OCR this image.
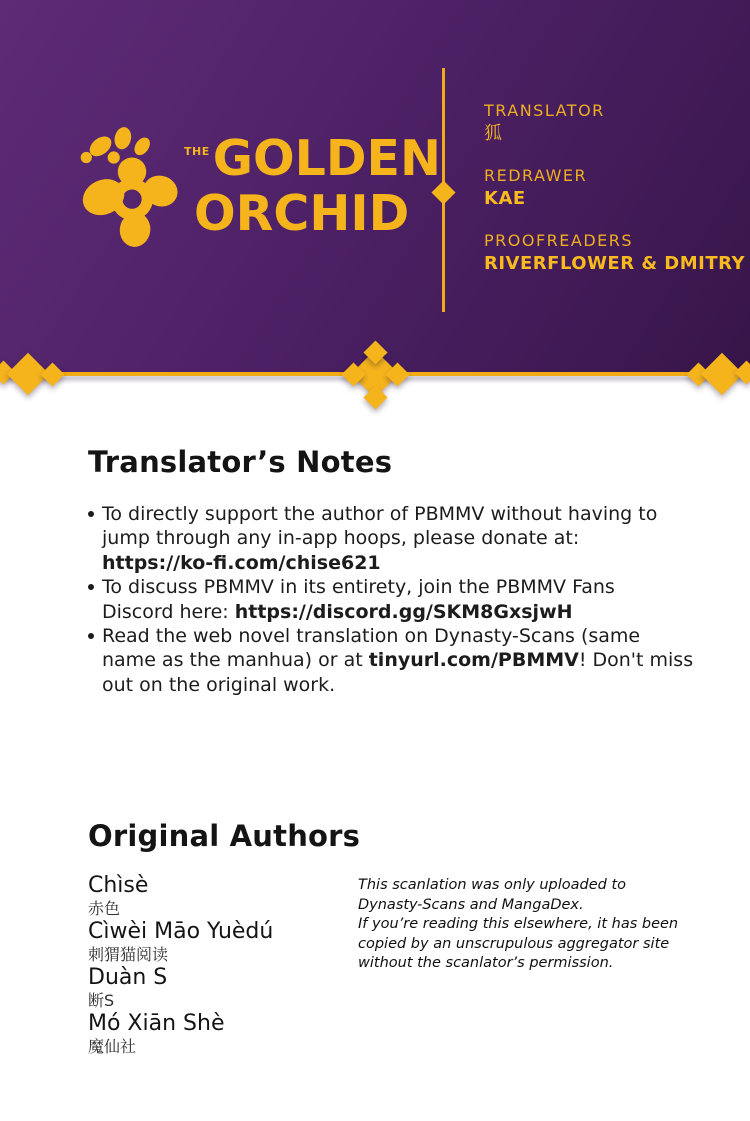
$^{THE}$GOLDEN
ORCHID
TRANSLATOR
狐
REDRAWER
KAE
PROOFREADERS
RIVERFLOWER & DMITRY
Translator’s Notes
To directly support the author of PBMMV without having to
jump through any in-app hoops, please donate at:
https://ko-fi.com/chise621
To discuss PBMMV in its entirety, join the PBMMV Fans
Discord here: https://discord.gg/SKM8GxsjwH
Read the web novel translation on Dynasty-Scans (same
name as the manhua) or at tinyurl.com/PBMMV! Don't miss
out on the original work.
Original Authors
Chìsè
赤色
Cìwèi Māo Yuèdú
刺猬猫阅读
Duàn S
断S
Mó Xiān Shè
魔仙社
This scanlation was only uploaded to
Dynasty-Scans and MangaDex.
If you’re reading this elsewhere, it has been
copied by an unscrupulous aggregator site
without the scanlator’s permission.
